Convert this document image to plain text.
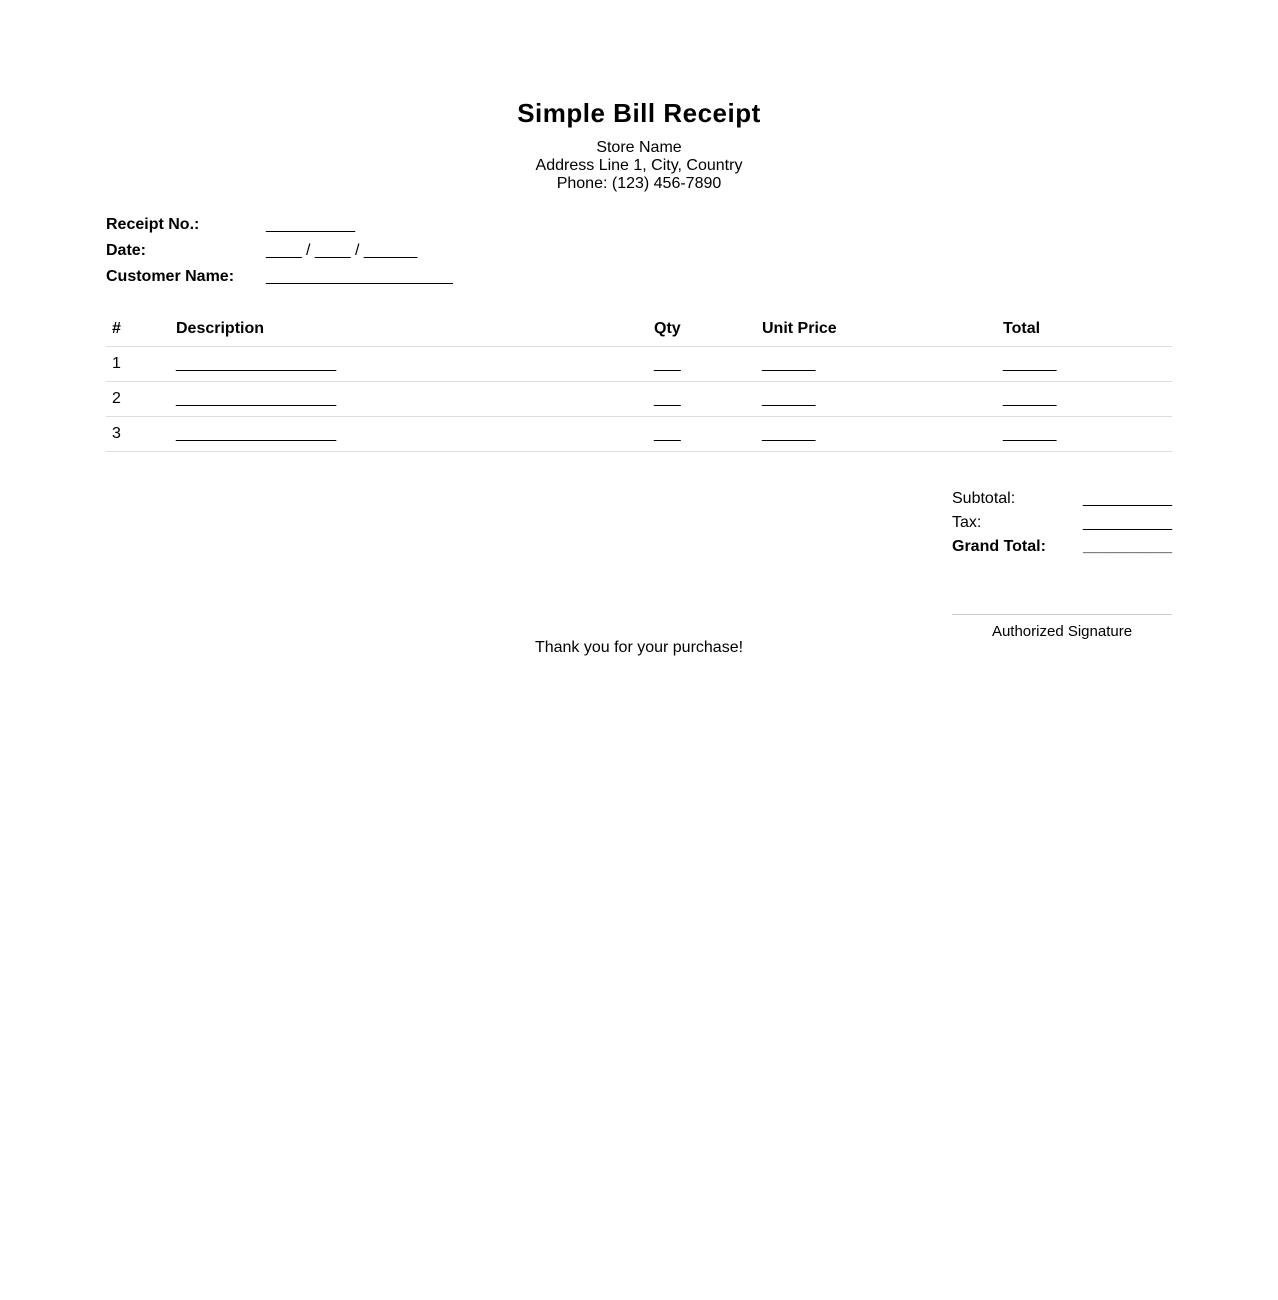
Simple Bill Receipt
Store Name
Address Line 1, City, Country
Phone: (123) 456-7890
Receipt No.:	__________
Date:	____ / ____ / ______
Customer Name:	_____________________
#	Description	Qty	Unit Price	Total
1	__________________	___	______	______
2	__________________	___	______	______
3	__________________	___	______	______
Subtotal:	__________
Tax:	__________
Grand Total: __________
Authorized Signature
Thank you for your purchase!
